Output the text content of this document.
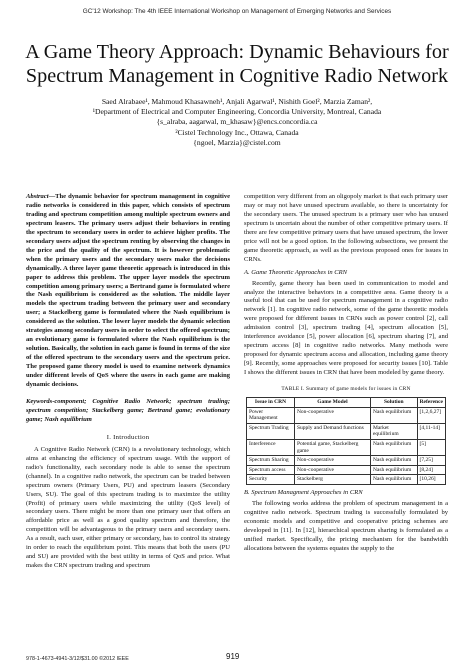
GC'12 Workshop: The 4th IEEE International Workshop on Management of Emerging Networks and Services
A Game Theory Approach: Dynamic Behaviours for
Spectrum Management in Cognitive Radio Network
Saed Alrabaee¹, Mahmoud Khasawneh¹, Anjali Agarwal¹, Nishith Goel², Marzia Zaman²,
¹Department of Electrical and Computer Engineering, Concordia University, Montreal, Canada
{s_alraba, aagarwal, m_khasaw}@encs.concordia.ca
²Cistel Technology Inc., Ottawa, Canada
{ngoel, Marzia}@cistel.com
Abstract—The dynamic behavior for spectrum management in cognitive radio networks is considered in this paper, which consists of spectrum trading and spectrum competition among multiple spectrum owners and spectrum leasers. The primary users adjust their behaviors in renting the spectrum to secondary users in order to achieve higher profits. The secondary users adjust the spectrum renting by observing the changes in the price and the quality of the spectrum. It is however problematic when the primary users and the secondary users make the decisions dynamically. A three layer game theoretic approach is introduced in this paper to address this problem. The upper layer models the spectrum competition among primary users; a Bertrand game is formulated where the Nash equilibrium is considered as the solution. The middle layer models the spectrum trading between the primary user and secondary user; a Stackelberg game is formulated where the Nash equilibrium is considered as the solution. The lower layer models the dynamic selection strategies among secondary users in order to select the offered spectrum; an evolutionary game is formulated where the Nash equilibrium is the solution. Basically, the solution in each game is found in terms of the size of the offered spectrum to the secondary users and the spectrum price. The proposed game theory model is used to examine network dynamics under different levels of QoS where the users in each game are making dynamic decisions.
Keywords-component; Cognitive Radio Network; spectrum trading; spectrum competition; Stackelberg game; Bertrand game; evolutionary game; Nash equilibrium
I. Introduction

A Cognitive Radio Network (CRN) is a revolutionary technology, which aims at enhancing the efficiency of spectrum usage. With the support of radio's functionality, each secondary node is able to sense the spectrum (channel). In a cognitive radio network, the spectrum can be traded between spectrum owners (Primary Users, PU) and spectrum leasers (Secondary Users, SU). The goal of this spectrum trading is to maximize the utility (Profit) of primary users while maximizing the utility (QoS level) of secondary users. There might be more than one primary user that offers an affordable price as well as a good quality spectrum and therefore, the competition will be advantageous to the primary users and secondary users. As a result, each user, either primary or secondary, has to control its strategy in order to reach the equilibrium point. This means that both the users (PU and SU) are provided with the best utility in terms of QoS and price. What makes the CRN spectrum trading and spectrum

competition very different from an oligopoly market is that each primary user may or may not have unused spectrum available, so there is uncertainty for the secondary users. The unused spectrum is a primary user who has unused spectrum is uncertain about the number of other competitive primary users. If there are few competitive primary users that have unused spectrum, the lower price will not be a good option. In the following subsections, we present the game theoretic approach, as well as the previous proposed ones for issues in CRNs.

A. Game Theoretic Approaches in CRN

Recently, game theory has been used in communication to model and analyze the interactive behaviors in a competitive area. Game theory is a useful tool that can be used for spectrum management in a cognitive radio network [1]. In cognitive radio network, some of the game theoretic models were proposed for different issues in CRNs such as power control [2], call admission control [3], spectrum trading [4], spectrum allocation [5], interference avoidance [5], power allocation [6], spectrum sharing [7], and spectrum access [8] in cognitive radio networks. Many methods were proposed for dynamic spectrum access and allocation, including game theory [9]. Recently, some approaches were proposed for security issues [10]. Table I shows the different issues in CRN that have been modeled by game theory.

TABLE I. Summary of game models for issues in CRN
Issue in CRN	Game Model	Solution	Reference
Power Management	Non-cooperative	Nash equilibrium	[1,2,6,27]
Spectrum Trading	Supply and Demand functions	Market equilibrium	[4,11-14]
Interference	Potential game, Stackelberg game	Nash equilibrium	[5]
Spectrum Sharing	Non-cooperative	Nash equilibrium	[7,25]
Spectrum access	Non-cooperative	Nash equilibrium	[8,24]
Security	Stackelberg	Nash equilibrium	[10,26]
B. Spectrum Managment Approaches in CRN

The following works address the problem of spectrum management in a cognitive radio network. Spectrum trading is successfully formulated by economic models and competitive and cooperative pricing schemes are developed in [11]. In [12], hierarchical spectrum sharing is formulated as a unified market. Specifically, the pricing mechanism for the bandwidth allocations between the systems equates the supply to the

978-1-4673-4941-3/12/$31.00 ©2012 IEEE	919
